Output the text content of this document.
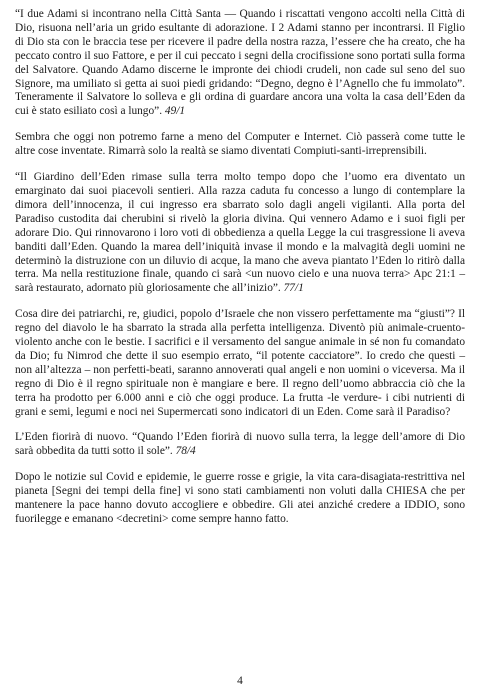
“I due Adami si incontrano nella Città Santa — Quando i riscattati vengono accolti nella Città di Dio, risuona nell’aria un grido esultante di adorazione. I 2 Adami stanno per incontrarsi. Il Figlio di Dio sta con le braccia tese per ricevere il padre della nostra razza, l’essere che ha creato, che ha peccato contro il suo Fattore, e per il cui peccato i segni della crocifissione sono portati sulla forma del Salvatore. Quando Adamo discerne le impronte dei chiodi crudeli, non cade sul seno del suo Signore, ma umiliato si getta ai suoi piedi gridando: “Degno, degno è l’Agnello che fu immolato”. Teneramente il Salvatore lo solleva e gli ordina di guardare ancora una volta la casa dell’Eden da cui è stato esiliato così a lungo”. 49/1

Sembra che oggi non potremo farne a meno del Computer e Internet. Ciò passerà come tutte le altre cose inventate. Rimarrà solo la realtà se siamo diventati Compiuti-santi-irreprensibili.

“Il Giardino dell’Eden rimase sulla terra molto tempo dopo che l’uomo era diventato un emarginato dai suoi piacevoli sentieri. Alla razza caduta fu concesso a lungo di contemplare la dimora dell’innocenza, il cui ingresso era sbarrato solo dagli angeli vigilanti. Alla porta del Paradiso custodita dai cherubini si rivelò la gloria divina. Qui vennero Adamo e i suoi figli per adorare Dio. Qui rinnovarono i loro voti di obbedienza a quella Legge la cui trasgressione li aveva banditi dall’Eden. Quando la marea dell’iniquità invase il mondo e la malvagità degli uomini ne determinò la distruzione con un diluvio di acque, la mano che aveva piantato l’Eden lo ritirò dalla terra. Ma nella restituzione finale, quando ci sarà <un nuovo cielo e una nuova terra> Apc 21:1 – sarà restaurato, adornato più gloriosamente che all’inizio”. 77/1

Cosa dire dei patriarchi, re, giudici, popolo d’Israele che non vissero perfettamente ma “giusti”? Il regno del diavolo le ha sbarrato la strada alla perfetta intelligenza. Diventò più animale-cruento-violento anche con le bestie. I sacrifici e il versamento del sangue animale in sé non fu comandato da Dio; fu Nimrod che dette il suo esempio errato, “il potente cacciatore”. Io credo che questi – non all’altezza – non perfetti-beati, saranno annoverati qual angeli e non uomini o viceversa. Ma il regno di Dio è il regno spirituale non è mangiare e bere. Il regno dell’uomo abbraccia ciò che la terra ha prodotto per 6.000 anni e ciò che oggi produce. La frutta -le verdure- i cibi nutrienti di grani e semi, legumi e noci nei Supermercati sono indicatori di un Eden. Come sarà il Paradiso?

L’Eden fiorirà di nuovo. “Quando l’Eden fiorirà di nuovo sulla terra, la legge dell’amore di Dio sarà obbedita da tutti sotto il sole”. 78/4

Dopo le notizie sul Covid e epidemie, le guerre rosse e grigie, la vita cara-disagiata-restrittiva nel pianeta [Segni dei tempi della fine] vi sono stati cambiamenti non voluti dalla CHIESA che per mantenere la pace hanno dovuto accogliere e obbedire. Gli atei anziché credere a IDDIO, sono fuorilegge e emanano <decretini> come sempre hanno fatto.

4
